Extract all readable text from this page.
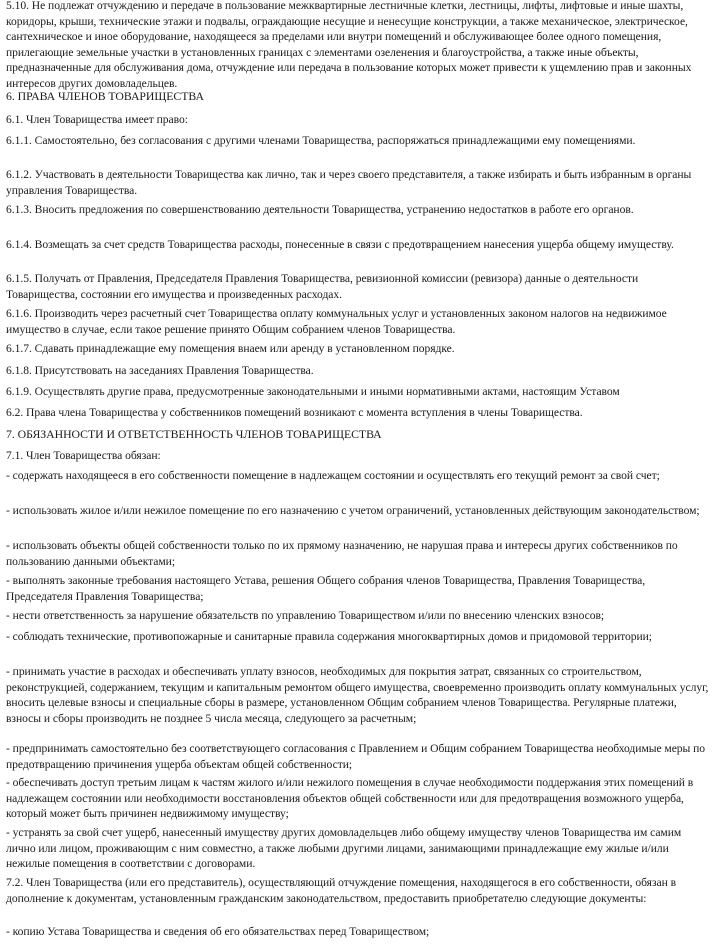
5.10. Не подлежат отчуждению и передаче в пользование межквартирные лестничные клетки, лестницы, лифты, лифтовые и иные шахты, коридоры, крыши, технические этажи и подвалы, ограждающие несущие и ненесущие конструкции, а также механическое, электрическое, сантехническое и иное оборудование, находящееся за пределами или внутри помещений и обслуживающее более одного помещения, прилегающие земельные участки в установленных границах с элементами озеленения и благоустройства, а также иные объекты, предназначенные для обслуживания дома, отчуждение или передача в пользование которых может привести к ущемлению прав и законных интересов других домовладельцев.
6. ПРАВА ЧЛЕНОВ ТОВАРИЩЕСТВА
6.1. Член Товарищества имеет право:
6.1.1. Самостоятельно, без согласования с другими членами Товарищества, распоряжаться принадлежащими ему помещениями.
6.1.2. Участвовать в деятельности Товарищества как лично, так и через своего представителя, а также избирать и быть избранным в органы управления Товарищества.
6.1.3. Вносить предложения по совершенствованию деятельности Товарищества, устранению недостатков в работе его органов.
6.1.4. Возмещать за счет средств Товарищества расходы, понесенные в связи с предотвращением нанесения ущерба общему имуществу.
6.1.5. Получать от Правления, Председателя Правления Товарищества, ревизионной комиссии (ревизора) данные о деятельности Товарищества, состоянии его имущества и произведенных расходах.
6.1.6. Производить через расчетный счет Товарищества оплату коммунальных услуг и установленных законом налогов на недвижимое имущество в случае, если такое решение принято Общим собранием членов Товарищества.
6.1.7. Сдавать принадлежащие ему помещения внаем или аренду в установленном порядке.
6.1.8. Присутствовать на заседаниях Правления Товарищества.
6.1.9. Осуществлять другие права, предусмотренные законодательными и иными нормативными актами, настоящим Уставом
6.2. Права члена Товарищества у собственников помещений возникают с момента вступления в члены Товарищества.
7. ОБЯЗАННОСТИ И ОТВЕТСТВЕННОСТЬ ЧЛЕНОВ ТОВАРИЩЕСТВА
7.1. Член Товарищества обязан:
- содержать находящееся в его собственности помещение в надлежащем состоянии и осуществлять его текущий ремонт за свой счет;
- использовать жилое и/или нежилое помещение по его назначению с учетом ограничений, установленных действующим законодательством;
- использовать объекты общей собственности только по их прямому назначению, не нарушая права и интересы других собственников по пользованию данными объектами;
- выполнять законные требования настоящего Устава, решения Общего собрания членов Товарищества, Правления Товарищества, Председателя Правления Товарищества;
- нести ответственность за нарушение обязательств по управлению Товариществом и/или по внесению членских взносов;
- соблюдать технические, противопожарные и санитарные правила содержания многоквартирных домов и придомовой территории;
- принимать участие в расходах и обеспечивать уплату взносов, необходимых для покрытия затрат, связанных со строительством, реконструкцией, содержанием, текущим и капитальным ремонтом общего имущества, своевременно производить оплату коммунальных услуг, вносить целевые взносы и специальные сборы в размере, установленном Общим собранием членов Товарищества. Регулярные платежи, взносы и сборы производить не позднее 5 числа месяца, следующего за расчетным;
- предпринимать самостоятельно без соответствующего согласования с Правлением и Общим собранием Товарищества необходимые меры по предотвращению причинения ущерба объектам общей собственности;
- обеспечивать доступ третьим лицам к частям жилого и/или нежилого помещения в случае необходимости поддержания этих помещений в надлежащем состоянии или необходимости восстановления объектов общей собственности или для предотвращения возможного ущерба, который может быть причинен недвижимому имуществу;
- устранять за свой счет ущерб, нанесенный имуществу других домовладельцев либо общему имуществу членов Товарищества им самим лично или лицом, проживающим с ним совместно, а также любыми другими лицами, занимающими принадлежащие ему жилые и/или нежилые помещения в соответствии с договорами.
7.2. Член Товарищества (или его представитель), осуществляющий отчуждение помещения, находящегося в его собственности, обязан в дополнение к документам, установленным гражданским законодательством, предоставить приобретателю следующие документы:
- копию Устава Товарищества и сведения об его обязательствах перед Товариществом;
